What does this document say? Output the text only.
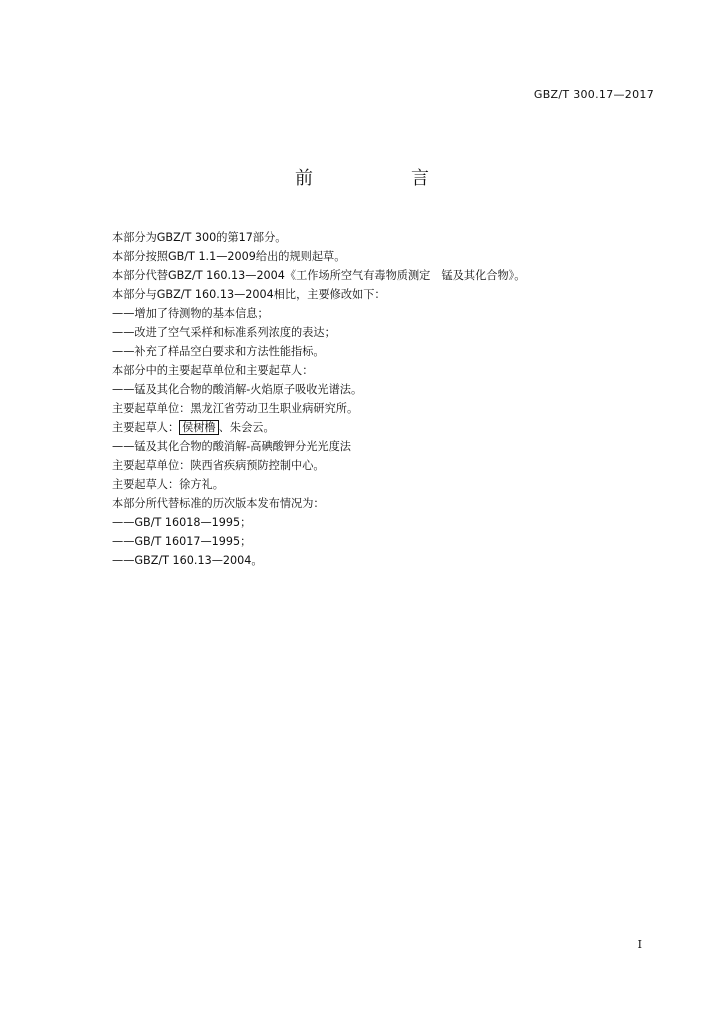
GBZ/T 300.17—2017
前　言
本部分为GBZ/T 300的第17部分。
本部分按照GB/T 1.1—2009给出的规则起草。
本部分代替GBZ/T 160.13—2004《工作场所空气有毒物质测定　锰及其化合物》。
本部分与GBZ/T 160.13—2004相比，主要修改如下：
——增加了待测物的基本信息；
——改进了空气采样和标准系列浓度的表达；
——补充了样品空白要求和方法性能指标。
本部分中的主要起草单位和主要起草人：
——锰及其化合物的酸消解-火焰原子吸收光谱法。
主要起草单位：黑龙江省劳动卫生职业病研究所。
主要起草人： 侯树橹 、朱会云。
——锰及其化合物的酸消解-高碘酸钾分光光度法
主要起草单位：陕西省疾病预防控制中心。
主要起草人：徐方礼。
本部分所代替标准的历次版本发布情况为：
——GB/T 16018—1995；
——GB/T 16017—1995；
——GBZ/T 160.13—2004。
I
